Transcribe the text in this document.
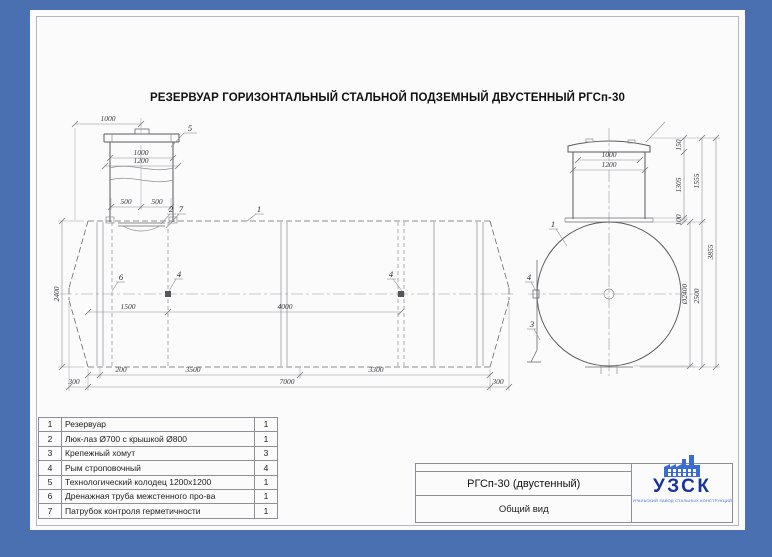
РЕЗЕРВУАР ГОРИЗОНТАЛЬНЫЙ СТАЛЬНОЙ ПОДЗЕМНЫЙ ДВУСТЕННЫЙ РГСп-30
1000
1000
1200
500	500
2400
1500	4000
200	3500	3300
300	7000	300
5
2 7	1
6	4	4
1000
1200
150
1305
100
Ø2400
1555
2500
3855
1
3
4
1	Резервуар	1
2	Люк-лаз Ø700 с крышкой Ø800	1
3	Крепежный хомут	3
4	Рым строповочный	4
5	Технологический колодец 1200х1200	1
6	Дренажная труба межстенного про-ва	1
7	Патрубок контроля герметичности	1
РГСп-30 (двустенный)
Общий вид
УЗСК
УРАЛЬСКИЙ ЗАВОД СТАЛЬНЫХ КОНСТРУКЦИЙ
